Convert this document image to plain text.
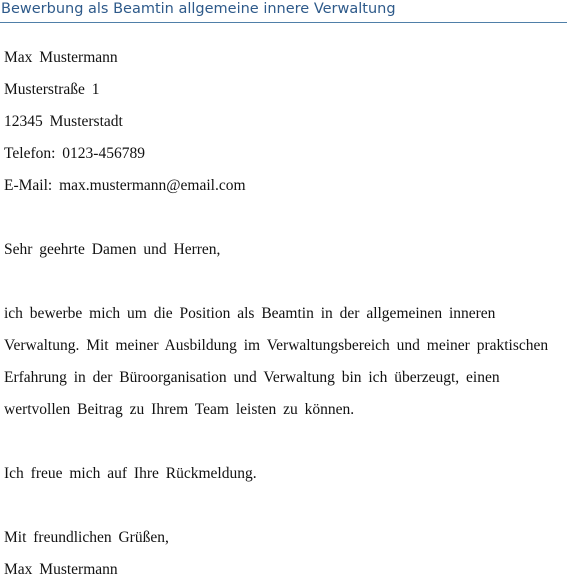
Bewerbung als Beamtin allgemeine innere Verwaltung
Max Mustermann
Musterstraße 1
12345 Musterstadt
Telefon: 0123-456789
E-Mail: max.mustermann@email.com
Sehr geehrte Damen und Herren,
ich bewerbe mich um die Position als Beamtin in der allgemeinen inneren
Verwaltung. Mit meiner Ausbildung im Verwaltungsbereich und meiner praktischen
Erfahrung in der Büroorganisation und Verwaltung bin ich überzeugt, einen
wertvollen Beitrag zu Ihrem Team leisten zu können.
Ich freue mich auf Ihre Rückmeldung.
Mit freundlichen Grüßen,
Max Mustermann
